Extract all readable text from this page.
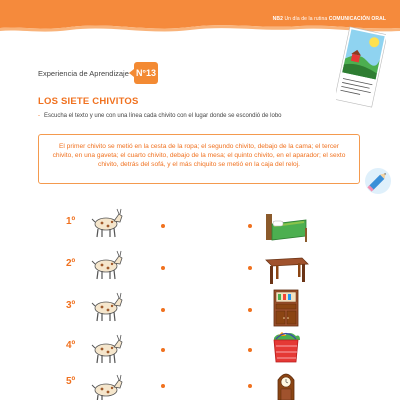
NB2 Un día de la rutina COMUNICACIÓN ORAL
Experiencia de Aprendizaje N°13
LOS SIETE CHIVITOS
- Escucha el texto y une con una línea cada chivito con el lugar donde se escondió de lobo
El primer chivito se metió en la cesta de la ropa; el segundo chivito, debajo de la cama; el tercer chivito, en una gaveta; el cuarto chivito, debajo de la mesa; el quinto chivito, en el aparador; el sexto chivito, detrás del sofá, y el más chiquito se metió en la caja del reloj.
1º
2º
3º
4º
5º
